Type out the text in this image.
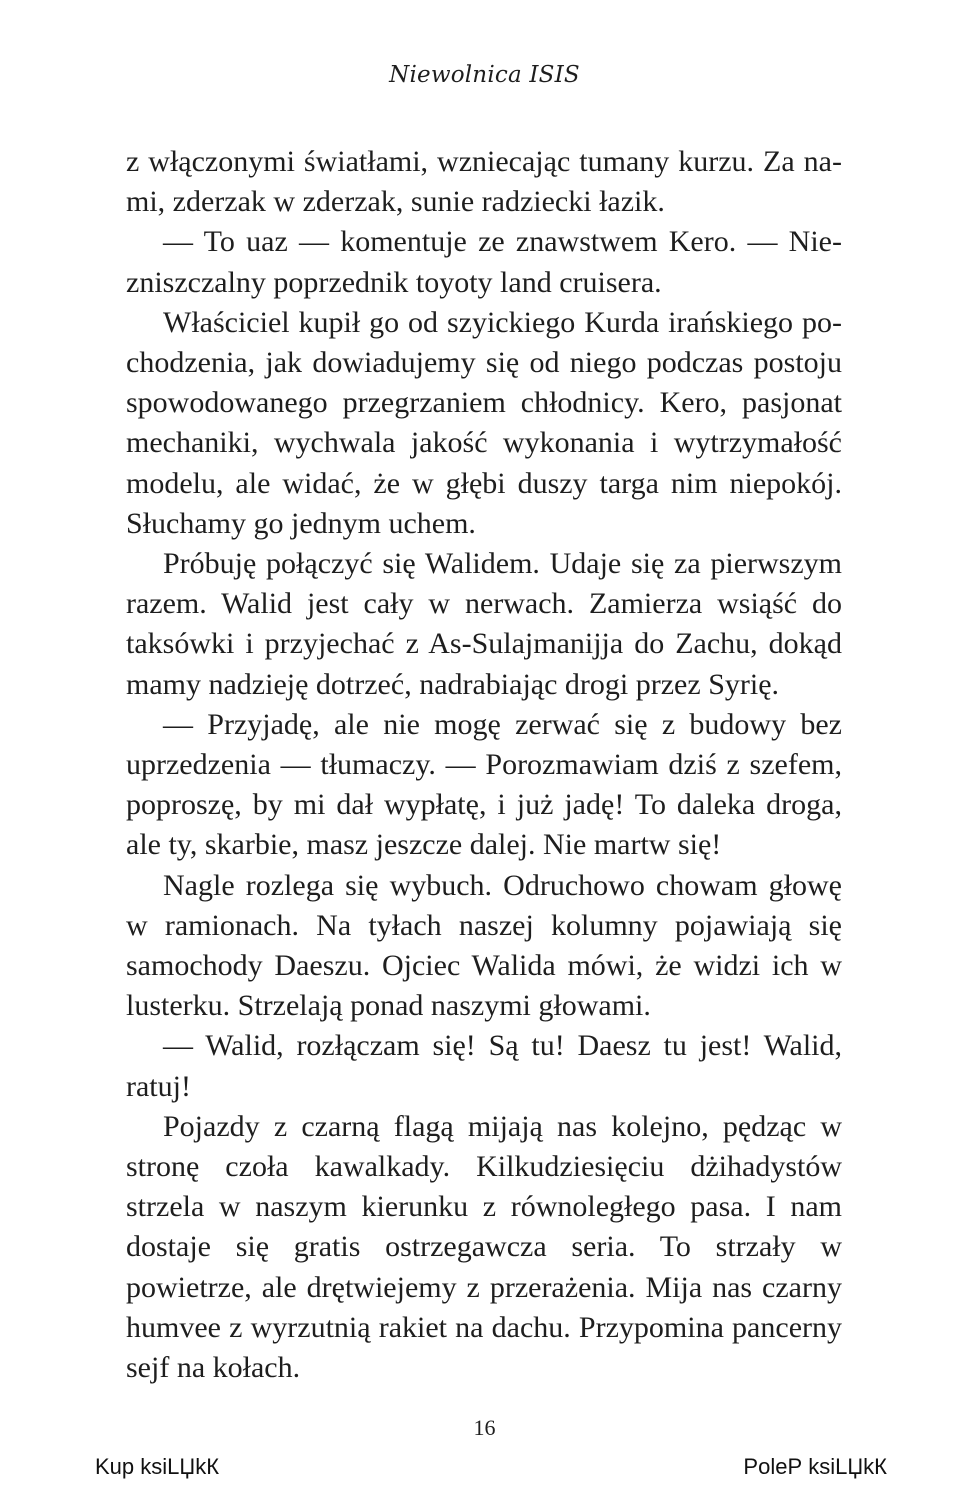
Niewolnica ISIS

z włączonymi światłami, wzniecając tumany kurzu. Za nami, zderzak w zderzak, sunie radziecki łazik.

— To uaz — komentuje ze znawstwem Kero. — Niezniszczalny poprzednik toyoty land cruisera.

Właściciel kupił go od szyickiego Kurda irańskiego pochodzenia, jak dowiadujemy się od niego podczas postoju spowodowanego przegrzaniem chłodnicy. Kero, pasjonat mechaniki, wychwala jakość wykonania i wytrzymałość modelu, ale widać, że w głębi duszy targa nim niepokój. Słuchamy go jednym uchem.

Próbuję połączyć się Walidem. Udaje się za pierwszym razem. Walid jest cały w nerwach. Zamierza wsiąść do taksówki i przyjechać z As-Sulajmanijja do Zachu, dokąd mamy nadzieję dotrzeć, nadrabiając drogi przez Syrię.

— Przyjadę, ale nie mogę zerwać się z budowy bez uprzedzenia — tłumaczy. — Porozmawiam dziś z szefem, poproszę, by mi dał wypłatę, i już jadę! To daleka droga, ale ty, skarbie, masz jeszcze dalej. Nie martw się!

Nagle rozlega się wybuch. Odruchowo chowam głowę w ramionach. Na tyłach naszej kolumny pojawiają się samochody Daeszu. Ojciec Walida mówi, że widzi ich w lusterku. Strzelają ponad naszymi głowami.

— Walid, rozłączam się! Są tu! Daesz tu jest! Walid, ratuj!

Pojazdy z czarną flagą mijają nas kolejno, pędząc w stronę czoła kawalkady. Kilkudziesięciu dżihadystów strzela w naszym kierunku z równoległego pasa. I nam dostaje się gratis ostrzegawcza seria. To strzały w powietrze, ale drętwiejemy z przerażenia. Mija nas czarny humvee z wyrzutnią rakiet na dachu. Przypomina pancerny sejf na kołach.

16
Kup ksiLЏkК	PoleР ksiLЏkК
